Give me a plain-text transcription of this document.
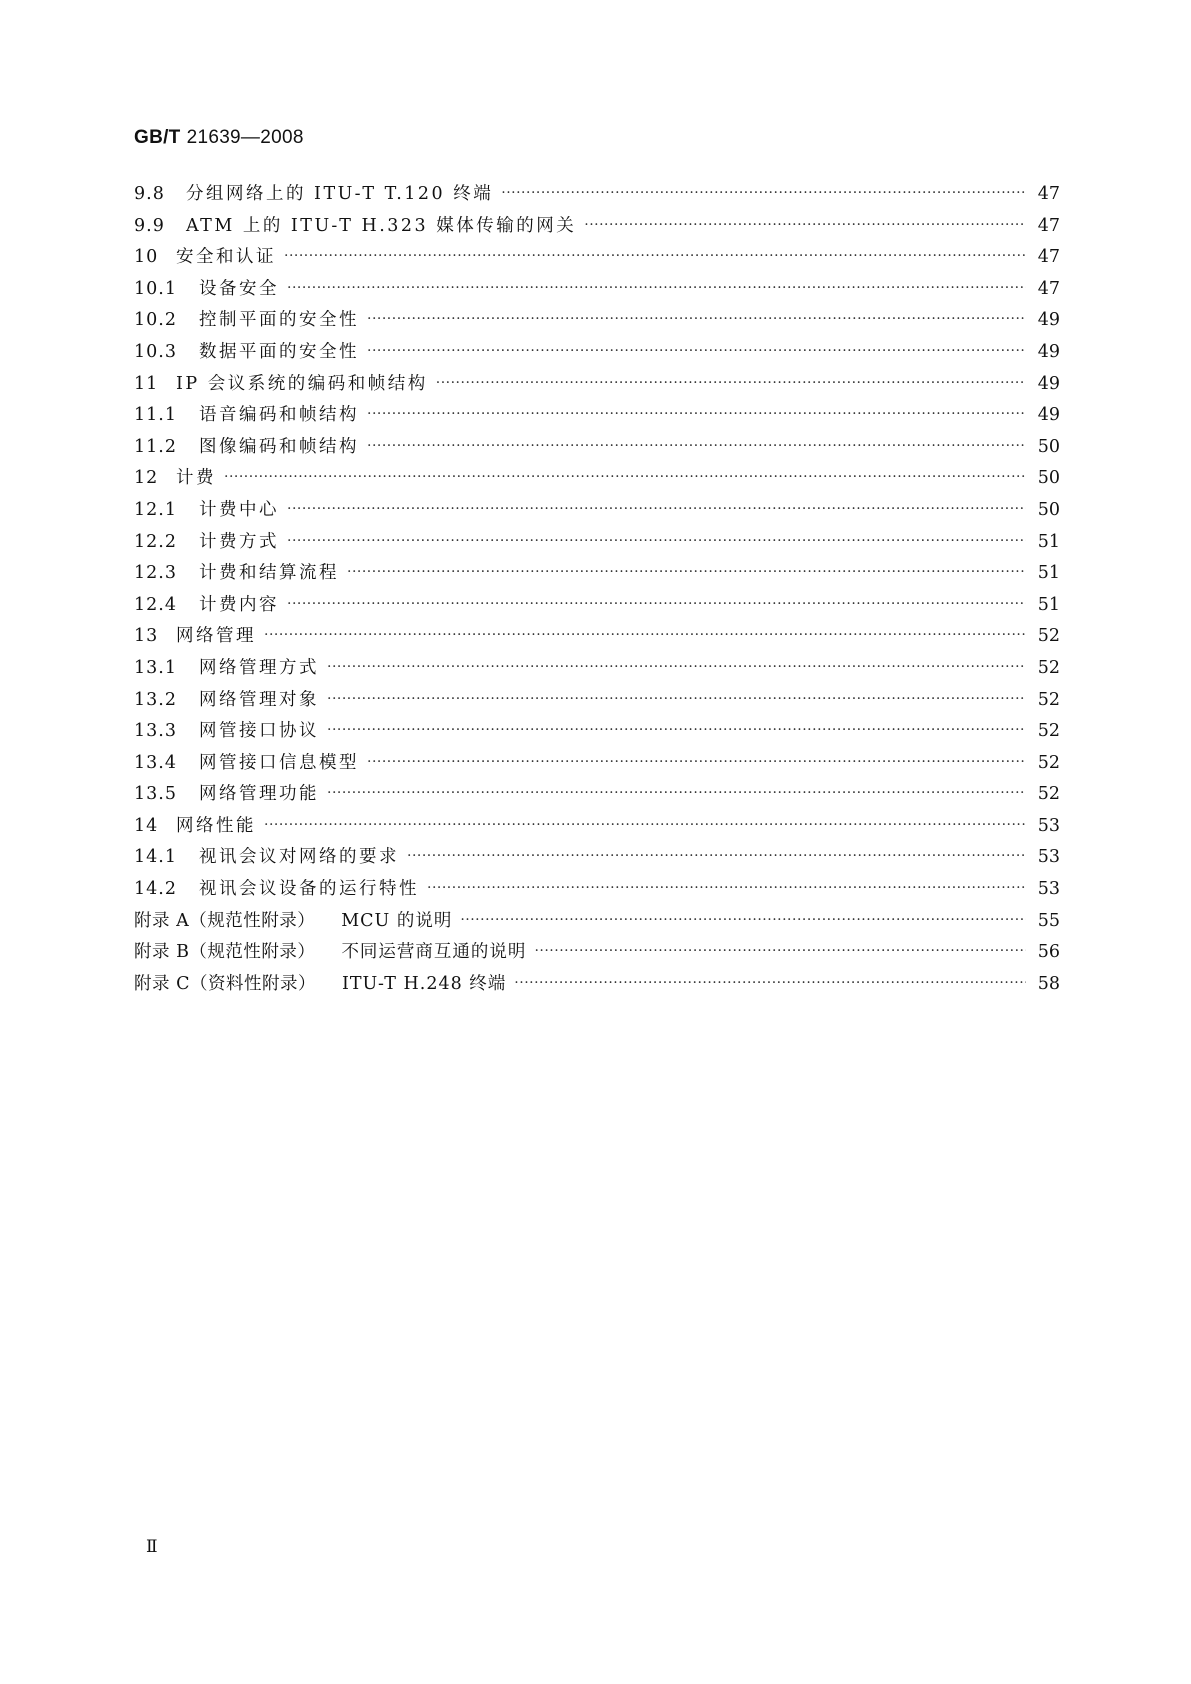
GB/T 21639—2008
9.8	分组网络上的 ITU-T T.120 终端 ·····	47
9.9	ATM 上的 ITU-T H.323 媒体传输的网关 ·····	47
10	安全和认证 ·····	47
10.1	设备安全 ·····	47
10.2	控制平面的安全性 ·····	49
10.3	数据平面的安全性 ·····	49
11	IP 会议系统的编码和帧结构 ·····	49
11.1	语音编码和帧结构 ·····	49
11.2	图像编码和帧结构 ·····	50
12	计费 ·····	50
12.1	计费中心 ·····	50
12.2	计费方式 ·····	51
12.3	计费和结算流程 ·····	51
12.4	计费内容 ·····	51
13	网络管理 ·····	52
13.1	网络管理方式 ·····	52
13.2	网络管理对象 ·····	52
13.3	网管接口协议 ·····	52
13.4	网管接口信息模型 ·····	52
13.5	网络管理功能 ·····	52
14	网络性能 ·····	53
14.1	视讯会议对网络的要求 ·····	53
14.2	视讯会议设备的运行特性 ·····	53
附录 A（规范性附录） MCU 的说明 ·····	55
附录 B（规范性附录） 不同运营商互通的说明 ·····	56
附录 C（资料性附录） ITU-T H.248 终端 ·····	58
Ⅱ
